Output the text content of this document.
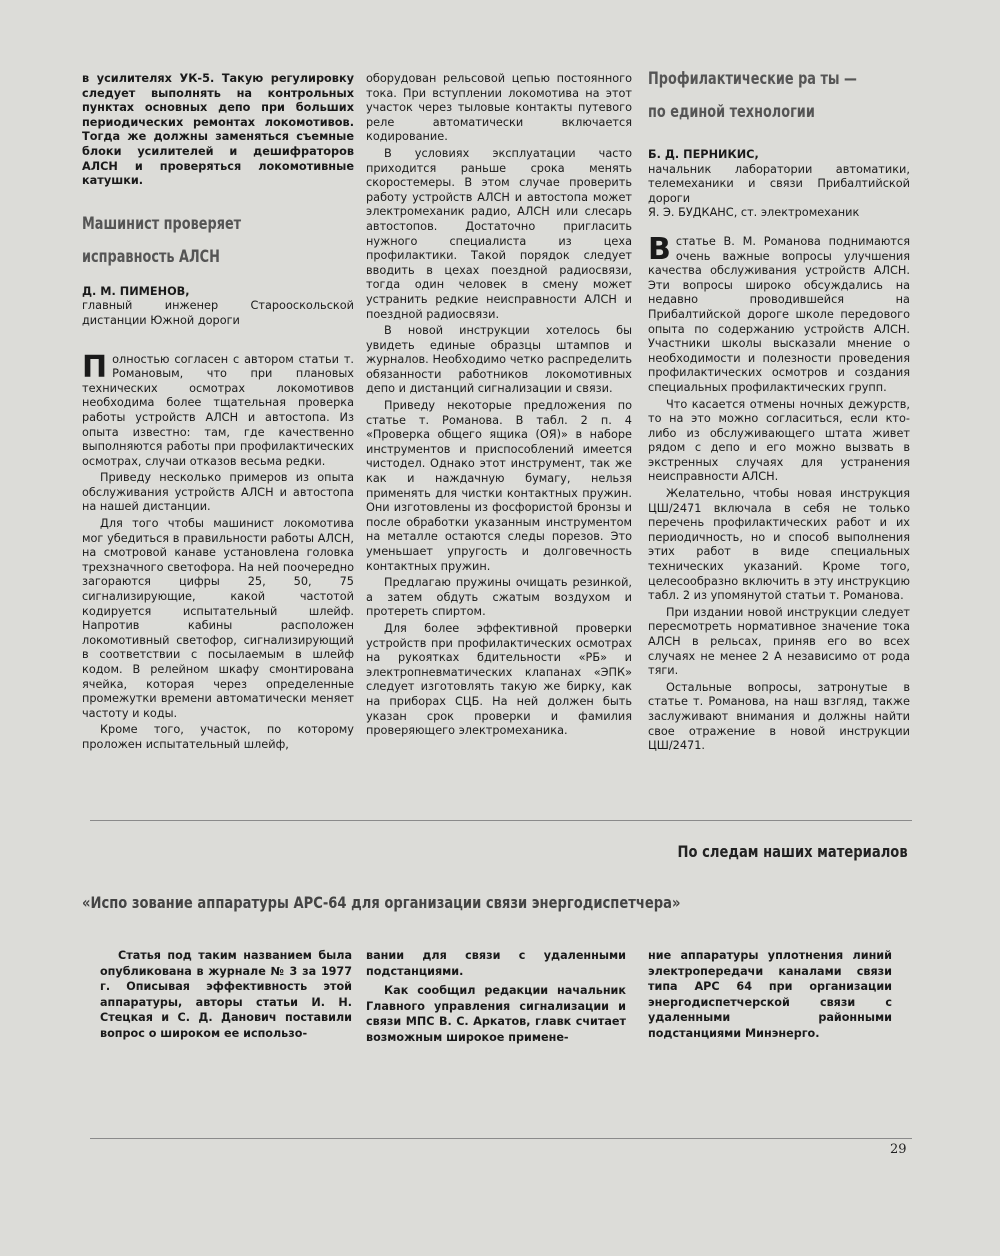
в усилителях УК-5. Такую регулировку следует выполнять на контрольных пунктах основных депо при больших периодических ремонтах локомотивов. Тогда же должны заменяться съемные блоки усилителей и дешифраторов АЛСН и проверяться локомотивные катушки.

Машинист проверяет
исправность АЛСН
Д. М. ПИМЕНОВ,
главный инженер Старооскольской дистанции Южной дороги

Полностью согласен с автором статьи т. Романовым, что при плановых технических осмотрах локомотивов необходима более тщательная проверка работы устройств АЛСН и автостопа. Из опыта известно: там, где качественно выполняются работы при профилактических осмотрах, случаи отказов весьма редки.

Приведу несколько примеров из опыта обслуживания устройств АЛСН и автостопа на нашей дистанции.

Для того чтобы машинист локомотива мог убедиться в правильности работы АЛСН, на смотровой канаве установлена головка трехзначного светофора. На ней поочередно загораются цифры 25, 50, 75 сигнализирующие, какой частотой кодируется испытательный шлейф. Напротив кабины расположен локомотивный светофор, сигнализирующий в соответствии с посылаемым в шлейф кодом. В релейном шкафу смонтирована ячейка, которая через определенные промежутки времени автоматически меняет частоту и коды.

Кроме того, участок, по которому проложен испытательный шлейф,

оборудован рельсовой цепью постоянного тока. При вступлении локомотива на этот участок через тыловые контакты путевого реле автоматически включается кодирование.

В условиях эксплуатации часто приходится раньше срока менять скоростемеры. В этом случае проверить работу устройств АЛСН и автостопа может электромеханик радио, АЛСН или слесарь автостопов. Достаточно пригласить нужного специалиста из цеха профилактики. Такой порядок следует вводить в цехах поездной радиосвязи, тогда один человек в смену может устранить редкие неисправности АЛСН и поездной радиосвязи.

В новой инструкции хотелось бы увидеть единые образцы штампов и журналов. Необходимо четко распределить обязанности работников локомотивных депо и дистанций сигнализации и связи.

Приведу некоторые предложения по статье т. Романова. В табл. 2 п. 4 «Проверка общего ящика (ОЯ)» в наборе инструментов и приспособлений имеется чистодел. Однако этот инструмент, так же как и наждачную бумагу, нельзя применять для чистки контактных пружин. Они изготовлены из фосфористой бронзы и после обработки указанным инструментом на металле остаются следы порезов. Это уменьшает упругость и долговечность контактных пружин.

Предлагаю пружины очищать резинкой, а затем обдуть сжатым воздухом и протереть спиртом.

Для более эффективной проверки устройств при профилактических осмотрах на рукоятках бдительности «РБ» и электропневматических клапанах «ЭПК» следует изготовлять такую же бирку, как на приборах СЦБ. На ней должен быть указан срок проверки и фамилия проверяющего электромеханика.

Профилактические ра ты —
по единой технологии
Б. Д. ПЕРНИКИС,
начальник лаборатории автоматики, телемеханики и связи Прибалтийской дороги
Я. Э. БУДКАНС, ст. электромеханик

Встатье В. М. Романова поднимаются очень важные вопросы улучшения качества обслуживания устройств АЛСН. Эти вопросы широко обсуждались на недавно проводившейся на Прибалтийской дороге школе передового опыта по содержанию устройств АЛСН. Участники школы высказали мнение о необходимости и полезности проведения профилактических осмотров и создания специальных профилактических групп.

Что касается отмены ночных дежурств, то на это можно согласиться, если кто-либо из обслуживающего штата живет рядом с депо и его можно вызвать в экстренных случаях для устранения неисправности АЛСН.

Желательно, чтобы новая инструкция ЦШ/2471 включала в себя не только перечень профилактических работ и их периодичность, но и способ выполнения этих работ в виде специальных технических указаний. Кроме того, целесообразно включить в эту инструкцию табл. 2 из упомянутой статьи т. Романова.

При издании новой инструкции следует пересмотреть нормативное значение тока АЛСН в рельсах, приняв его во всех случаях не менее 2 А независимо от рода тяги.

Остальные вопросы, затронутые в статье т. Романова, на наш взгляд, также заслуживают внимания и должны найти свое отражение в новой инструкции ЦШ/2471.

По следам наших материалов
«Испо зование аппаратуры АРС-64 для организации связи энергодиспетчера»

Статья под таким названием была опубликована в журнале № 3 за 1977 г. Описывая эффективность этой аппаратуры, авторы статьи И. Н. Стецкая и С. Д. Данович поставили вопрос о широком ее использо-

вании для связи с удаленными подстанциями.

Как сообщил редакции начальник Главного управления сигнализации и связи МПС В. С. Аркатов, главк считает возможным широкое примене-

ние аппаратуры уплотнения линий электропередачи каналами связи типа АРС 64 при организации энергодиспетчерской связи с удаленными районными подстанциями Минэнерго.

29
